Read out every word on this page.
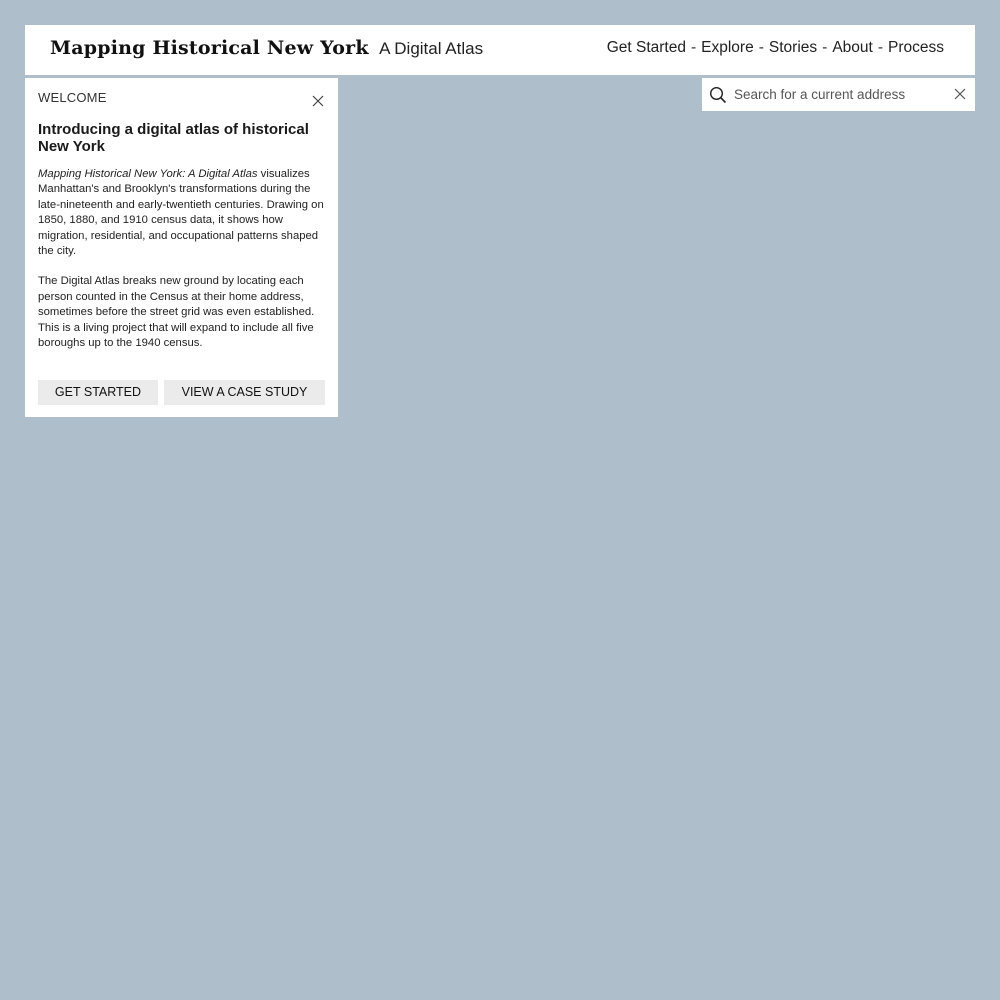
Mapping Historical New York A Digital Atlas	Get Started - Explore - Stories - About - Process
WELCOME
Introducing a digital atlas of historical New York

Mapping Historical New York: A Digital Atlas visualizes Manhattan's and Brooklyn's transformations during the late-nineteenth and early-twentieth centuries. Drawing on 1850, 1880, and 1910 census data, it shows how migration, residential, and occupational patterns shaped the city.

The Digital Atlas breaks new ground by locating each person counted in the Census at their home address, sometimes before the street grid was even established. This is a living project that will expand to include all five boroughs up to the 1940 census.

GET STARTED	VIEW A CASE STUDY
Search for a current address
